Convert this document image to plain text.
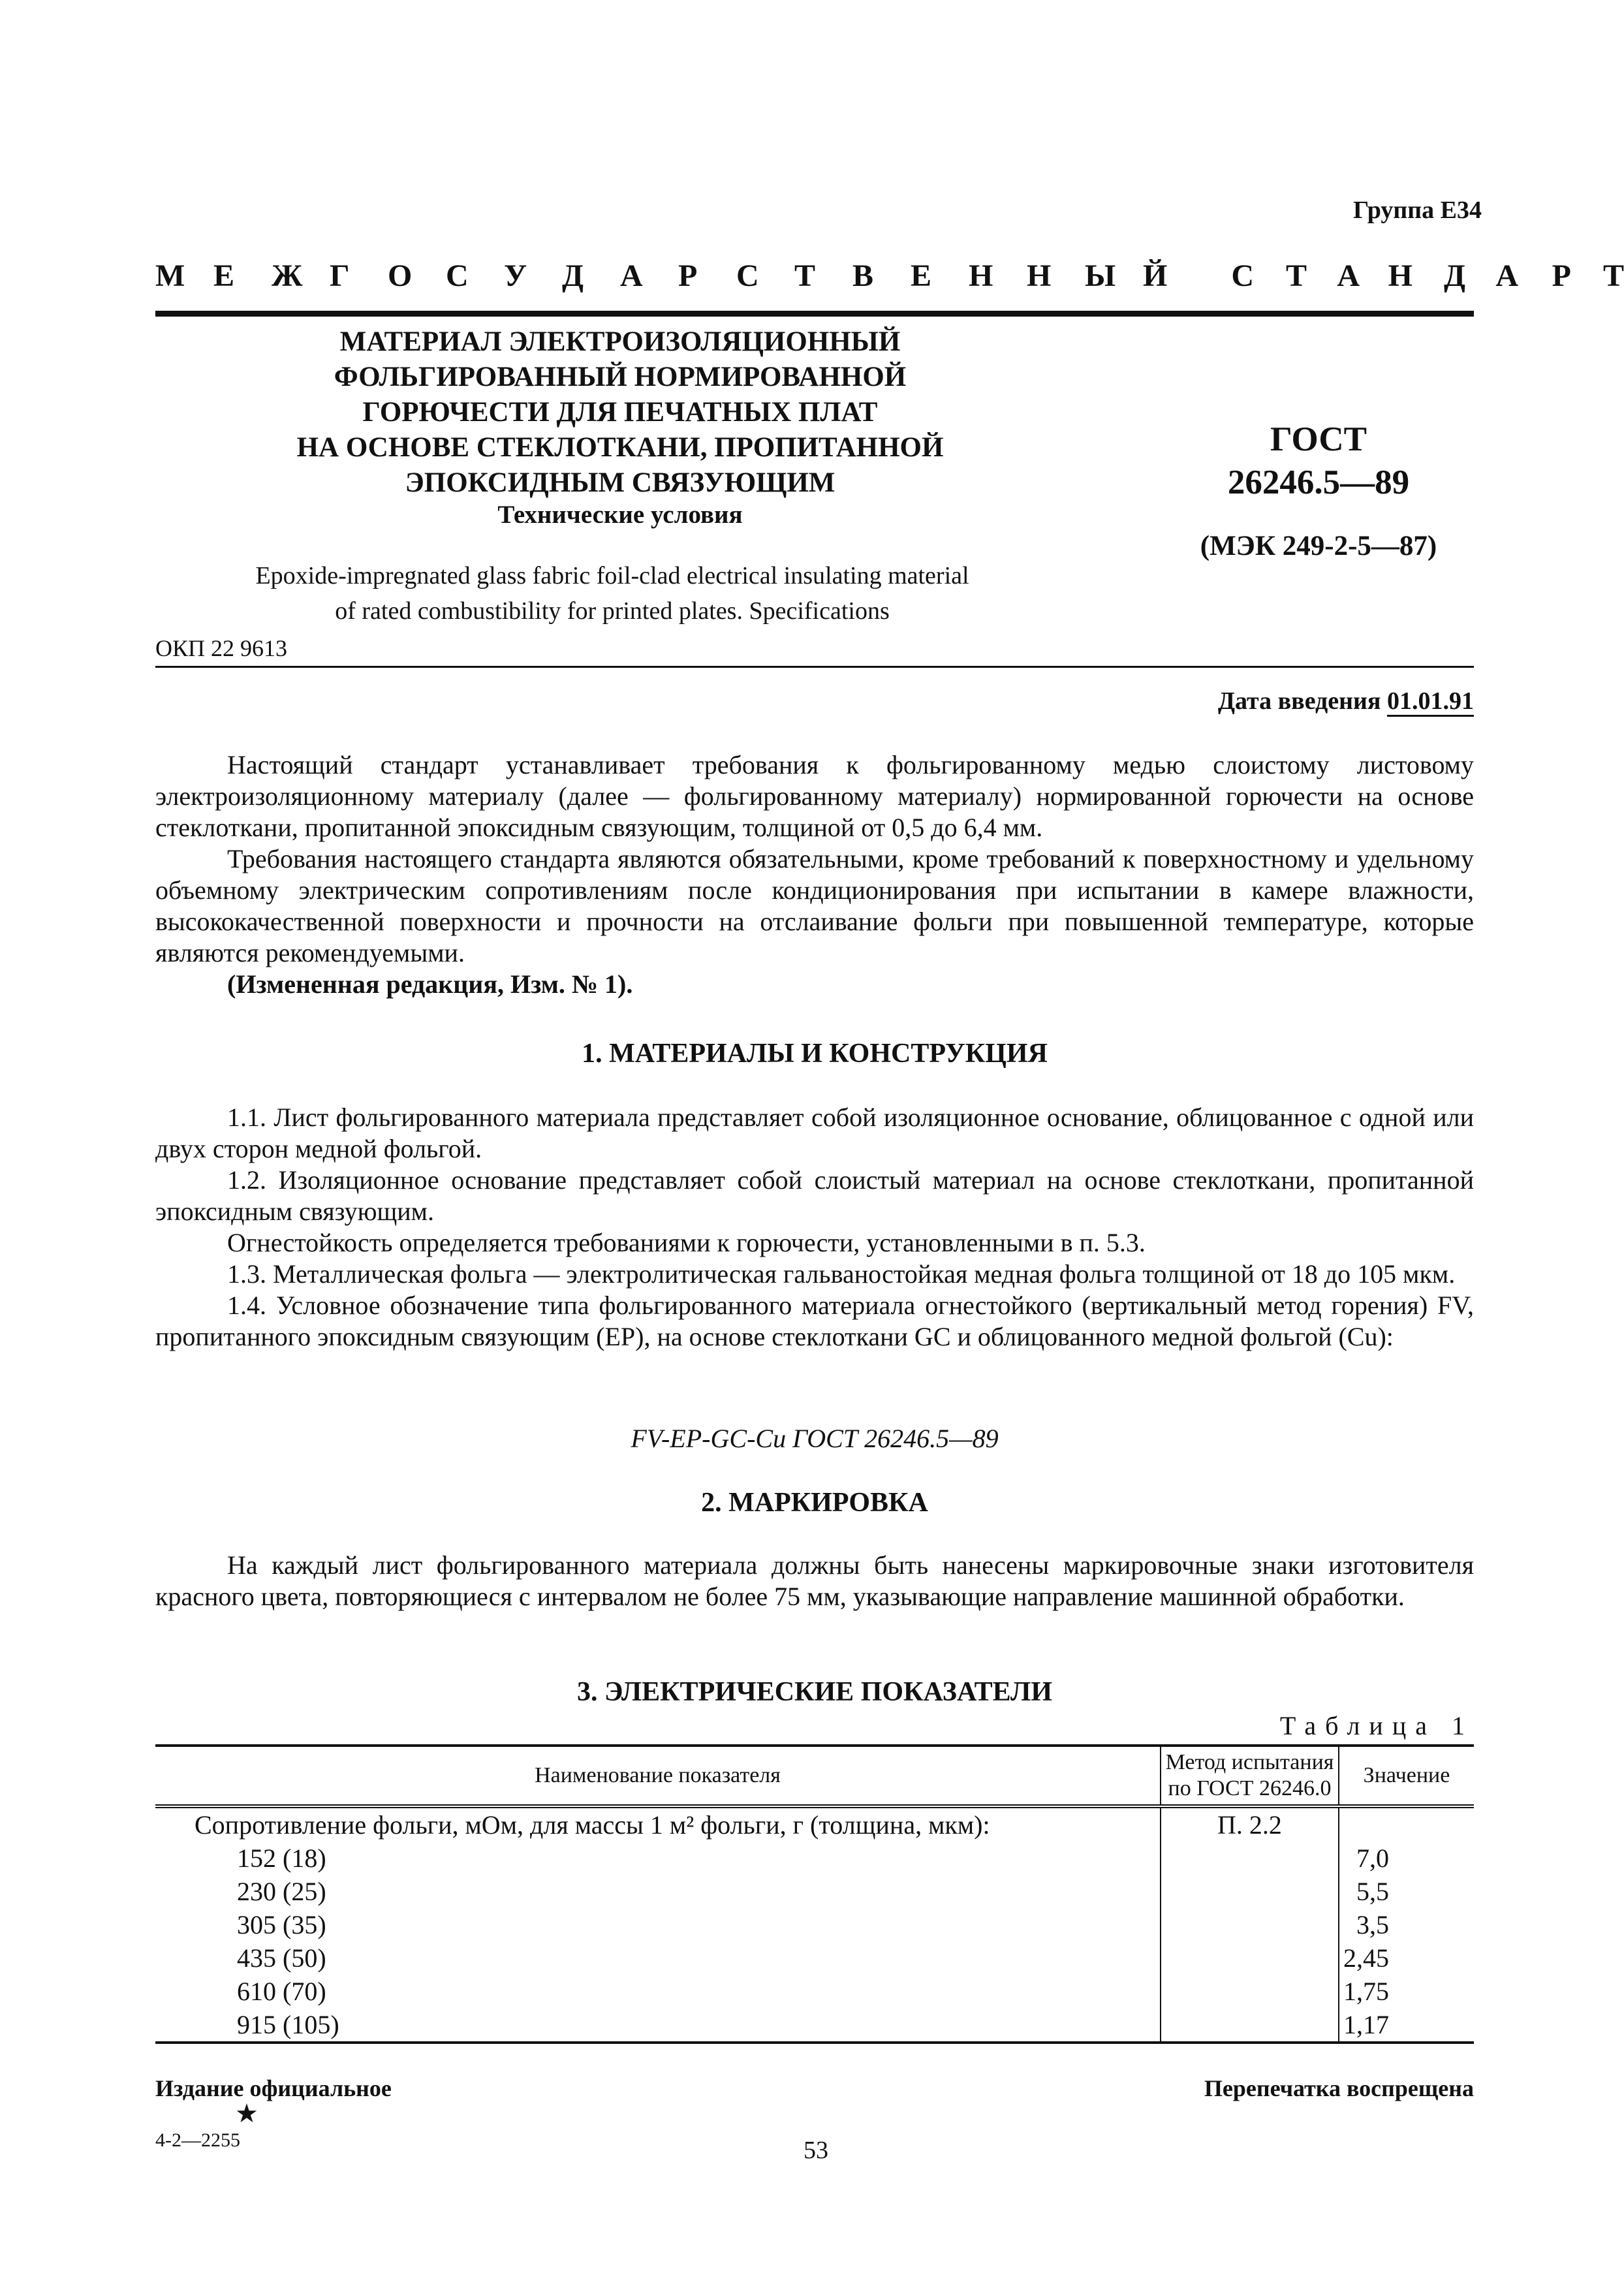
Группа Е34
М Е	Ж Г	О	С	У	Д	А	Р	С	Т	В	Е	Н	Н	Ы Й	С	Т А Н Д А	Р	Т
МАТЕРИАЛ ЭЛЕКТРОИЗОЛЯЦИОННЫЙ
ФОЛЬГИРОВАННЫЙ НОРМИРОВАННОЙ
ГОРЮЧЕСТИ ДЛЯ ПЕЧАТНЫХ ПЛАТ
НА ОСНОВЕ СТЕКЛОТКАНИ, ПРОПИТАННОЙ
ЭПОКСИДНЫМ СВЯЗУЮЩИМ
Технические условия
ГОСТ
26246.5—89
(МЭК 249-2-5—87)
Epoxide-impregnated glass fabric foil-clad electrical insulating material
of rated combustibility for printed plates. Specifications
ОКП 22 9613
Дата введения 01.01.91

Настоящий стандарт устанавливает требования к фольгированному медью слоистому листовому электроизоляционному материалу (далее — фольгированному материалу) нормированной горючести на основе стеклоткани, пропитанной эпоксидным связующим, толщиной от 0,5 до 6,4 мм.

Требования настоящего стандарта являются обязательными, кроме требований к поверхностному и удельному объемному электрическим сопротивлениям после кондиционирования при испытании в камере влажности, высококачественной поверхности и прочности на отслаивание фольги при повышенной температуре, которые являются рекомендуемыми.

(Измененная редакция, Изм. № 1).

1. МАТЕРИАЛЫ И КОНСТРУКЦИЯ

1.1. Лист фольгированного материала представляет собой изоляционное основание, облицованное с одной или двух сторон медной фольгой.

1.2. Изоляционное основание представляет собой слоистый материал на основе стеклоткани, пропитанной эпоксидным связующим.

Огнестойкость определяется требованиями к горючести, установленными в п. 5.3.

1.3. Металлическая фольга — электролитическая гальваностойкая медная фольга толщиной от 18 до 105 мкм.

1.4. Условное обозначение типа фольгированного материала огнестойкого (вертикальный метод горения) FV, пропитанного эпоксидным связующим (EP), на основе стеклоткани GC и облицованного медной фольгой (Cu):

FV-EP-GC-Cu ГОСТ 26246.5—89
2. МАРКИРОВКА

На каждый лист фольгированного материала должны быть нанесены маркировочные знаки изготовителя красного цвета, повторяющиеся с интервалом не более 75 мм, указывающие направление машинной обработки.

3. ЭЛЕКТРИЧЕСКИЕ ПОКАЗАТЕЛИ
Таблица 1
Наименование показателя	Метод испытания по ГОСТ 26246.0	Значение
Сопротивление фольги, мОм, для массы 1 м² фольги, г (толщина, мкм):	П. 2.2	
152 (18)		7,0
230 (25)		5,5
305 (35)		3,5
435 (50)		2,45
610 (70)		1,75
915 (105)		1,17
Издание официальное	Перепечатка воспрещена
★
4-2—2255	53
